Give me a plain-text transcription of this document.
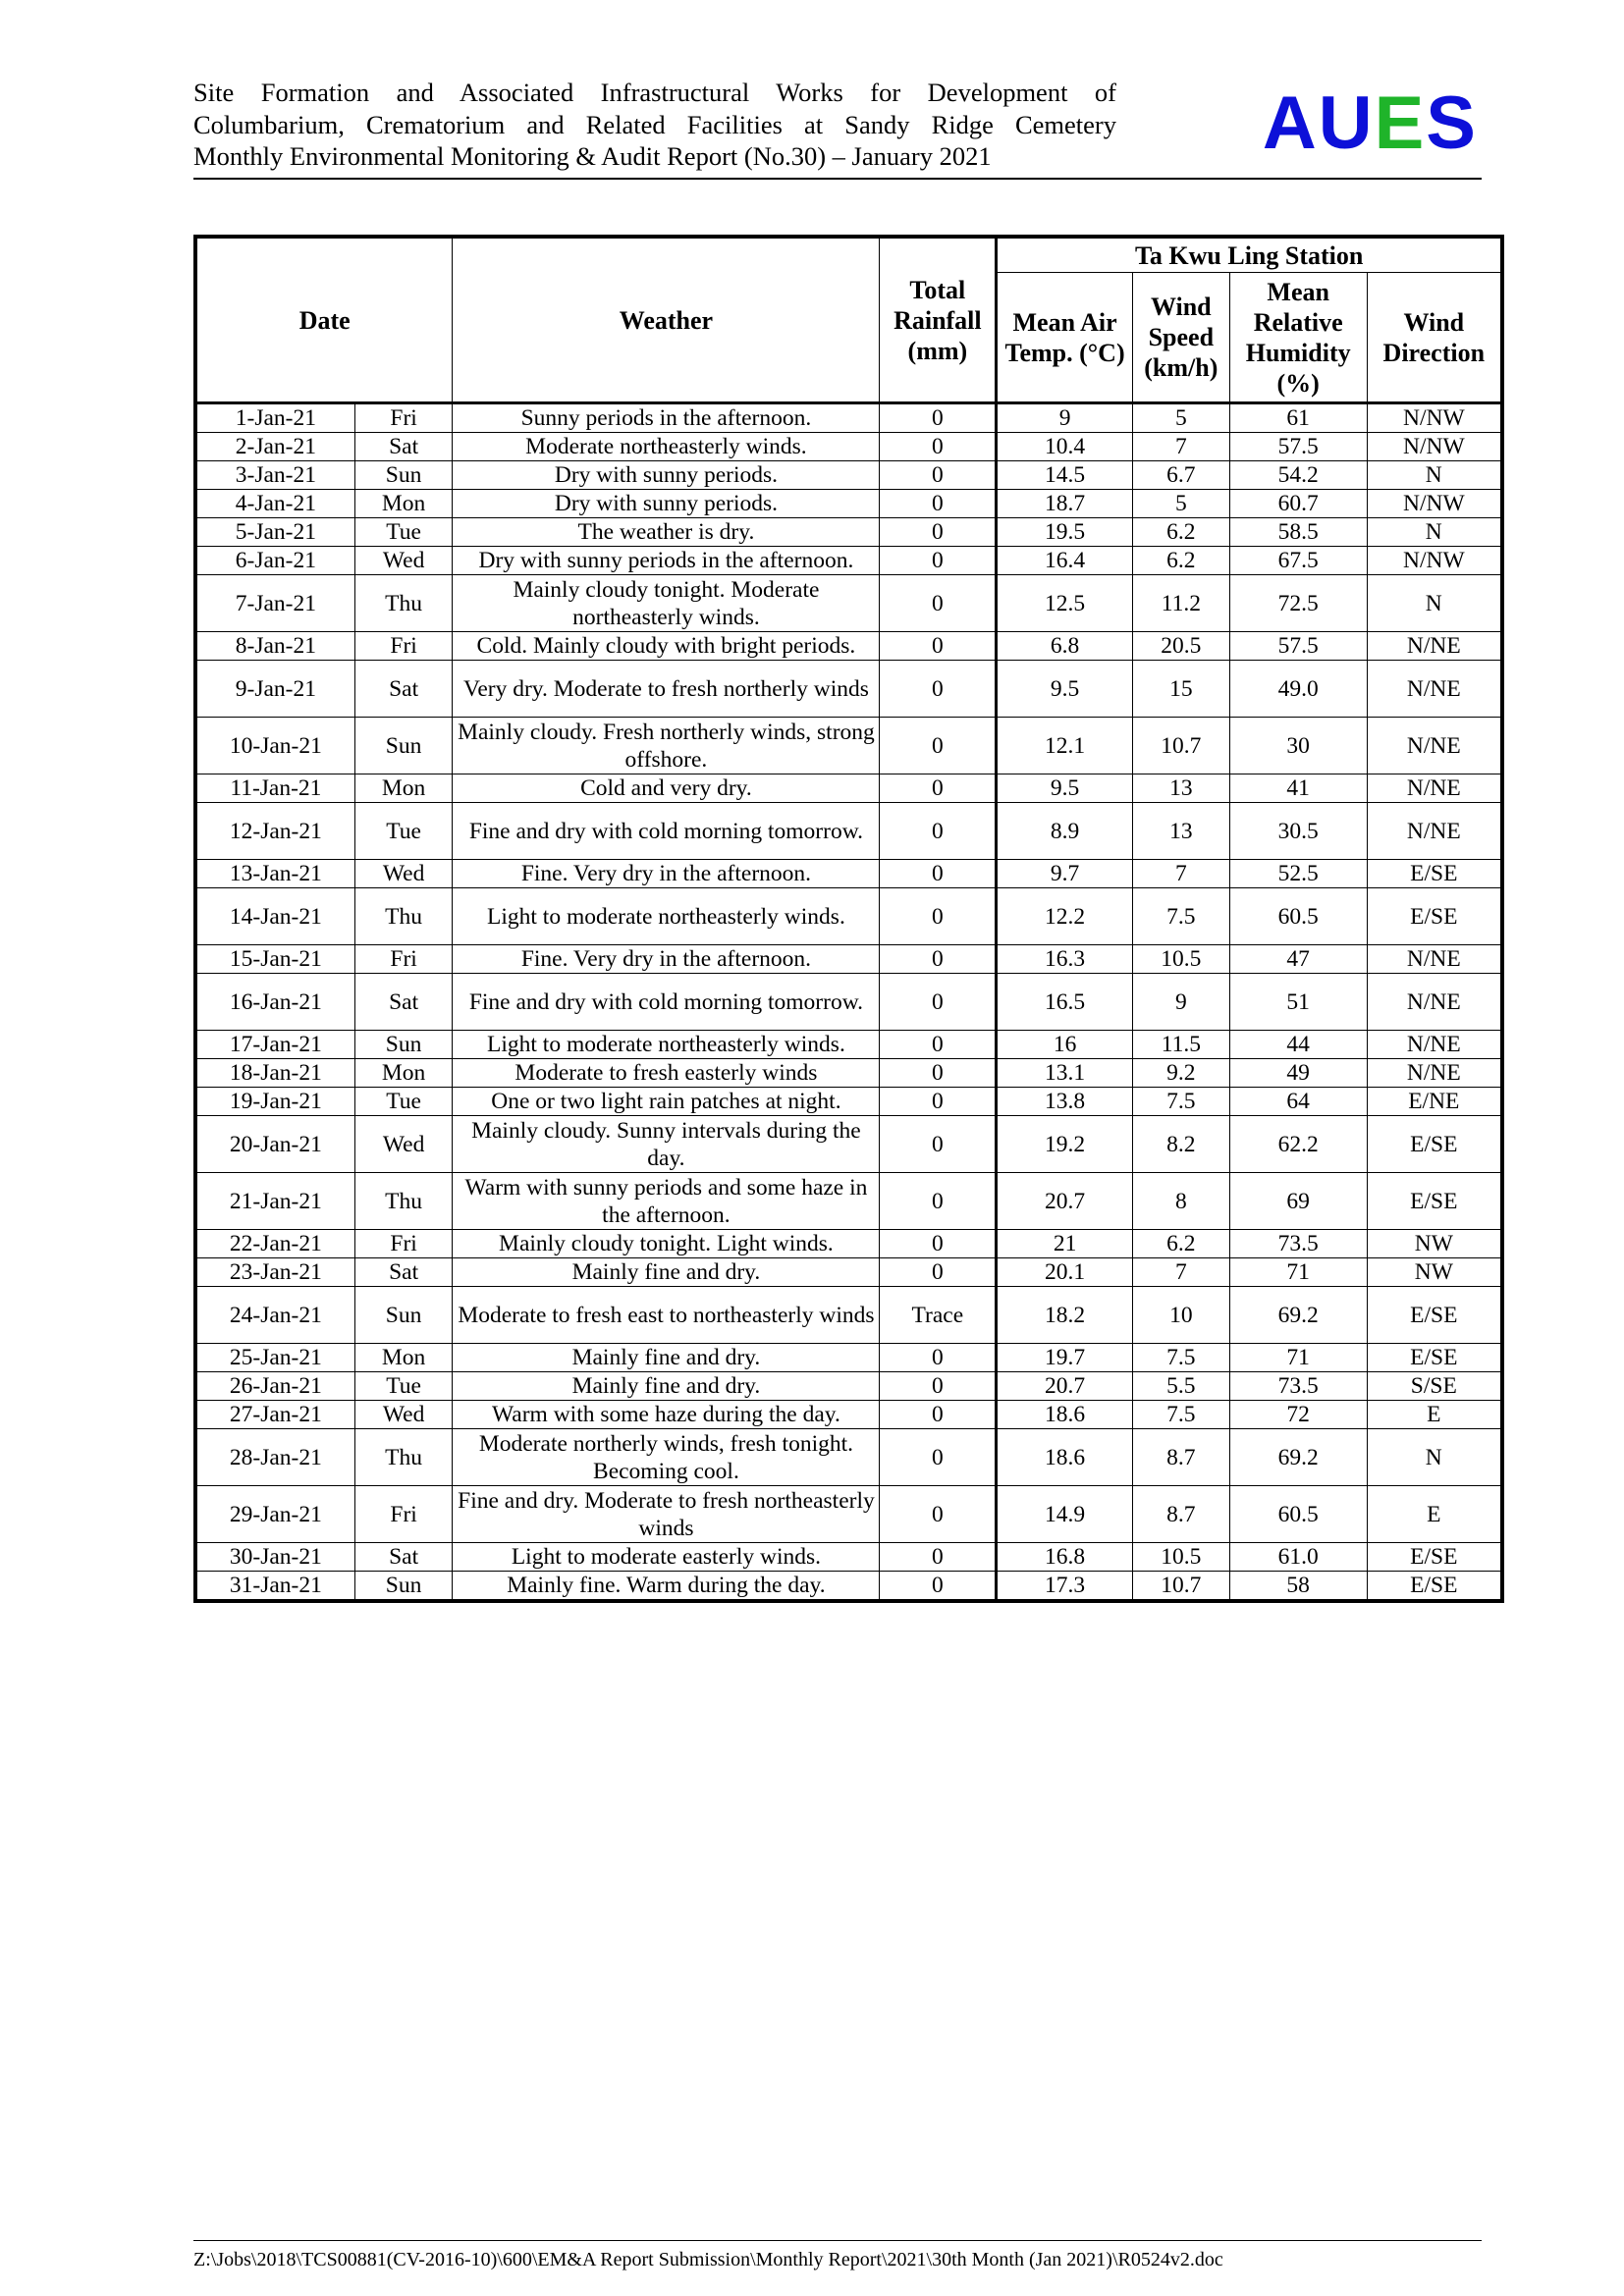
Site Formation and Associated Infrastructural Works for Development of
Columbarium, Crematorium and Related Facilities at Sandy Ridge Cemetery
Monthly Environmental Monitoring & Audit Report (No.30) – January 2021	AUES
Date		Weather	Total Rainfall (mm)	Ta Kwu Ling Station			
				Mean Air Temp. (°C)	Wind Speed (km/h)	Mean Relative Humidity (%)	Wind Direction
1-Jan-21	Fri	Sunny periods in the afternoon.	0	9	5	61	N/NW
2-Jan-21	Sat	Moderate northeasterly winds.	0	10.4	7	57.5	N/NW
3-Jan-21	Sun	Dry with sunny periods.	0	14.5	6.7	54.2	N
4-Jan-21	Mon	Dry with sunny periods.	0	18.7	5	60.7	N/NW
5-Jan-21	Tue	The weather is dry.	0	19.5	6.2	58.5	N
6-Jan-21	Wed	Dry with sunny periods in the afternoon.	0	16.4	6.2	67.5	N/NW
7-Jan-21	Thu	Mainly cloudy tonight. Moderate northeasterly winds.	0	12.5	11.2	72.5	N
8-Jan-21	Fri	Cold. Mainly cloudy with bright periods.	0	6.8	20.5	57.5	N/NE
9-Jan-21	Sat	Very dry. Moderate to fresh northerly winds	0	9.5	15	49.0	N/NE
10-Jan-21	Sun	Mainly cloudy. Fresh northerly winds, strong offshore.	0	12.1	10.7	30	N/NE
11-Jan-21	Mon	Cold and very dry.	0	9.5	13	41	N/NE
12-Jan-21	Tue	Fine and dry with cold morning tomorrow.	0	8.9	13	30.5	N/NE
13-Jan-21	Wed	Fine. Very dry in the afternoon.	0	9.7	7	52.5	E/SE
14-Jan-21	Thu	Light to moderate northeasterly winds.	0	12.2	7.5	60.5	E/SE
15-Jan-21	Fri	Fine. Very dry in the afternoon.	0	16.3	10.5	47	N/NE
16-Jan-21	Sat	Fine and dry with cold morning tomorrow.	0	16.5	9	51	N/NE
17-Jan-21	Sun	Light to moderate northeasterly winds.	0	16	11.5	44	N/NE
18-Jan-21	Mon	Moderate to fresh easterly winds	0	13.1	9.2	49	N/NE
19-Jan-21	Tue	One or two light rain patches at night.	0	13.8	7.5	64	E/NE
20-Jan-21	Wed	Mainly cloudy. Sunny intervals during the day.	0	19.2	8.2	62.2	E/SE
21-Jan-21	Thu	Warm with sunny periods and some haze in the afternoon.	0	20.7	8	69	E/SE
22-Jan-21	Fri	Mainly cloudy tonight. Light winds.	0	21	6.2	73.5	NW
23-Jan-21	Sat	Mainly fine and dry.	0	20.1	7	71	NW
24-Jan-21	Sun	Moderate to fresh east to northeasterly winds	Trace	18.2	10	69.2	E/SE
25-Jan-21	Mon	Mainly fine and dry.	0	19.7	7.5	71	E/SE
26-Jan-21	Tue	Mainly fine and dry.	0	20.7	5.5	73.5	S/SE
27-Jan-21	Wed	Warm with some haze during the day.	0	18.6	7.5	72	E
28-Jan-21	Thu	Moderate northerly winds, fresh tonight. Becoming cool.	0	18.6	8.7	69.2	N
29-Jan-21	Fri	Fine and dry. Moderate to fresh northeasterly winds	0	14.9	8.7	60.5	E
30-Jan-21	Sat	Light to moderate easterly winds.	0	16.8	10.5	61.0	E/SE
31-Jan-21	Sun	Mainly fine. Warm during the day.	0	17.3	10.7	58	E/SE
Z:\Jobs\2018\TCS00881(CV-2016-10)\600\EM&A Report Submission\Monthly Report\2021\30th Month (Jan 2021)\R0524v2.doc
